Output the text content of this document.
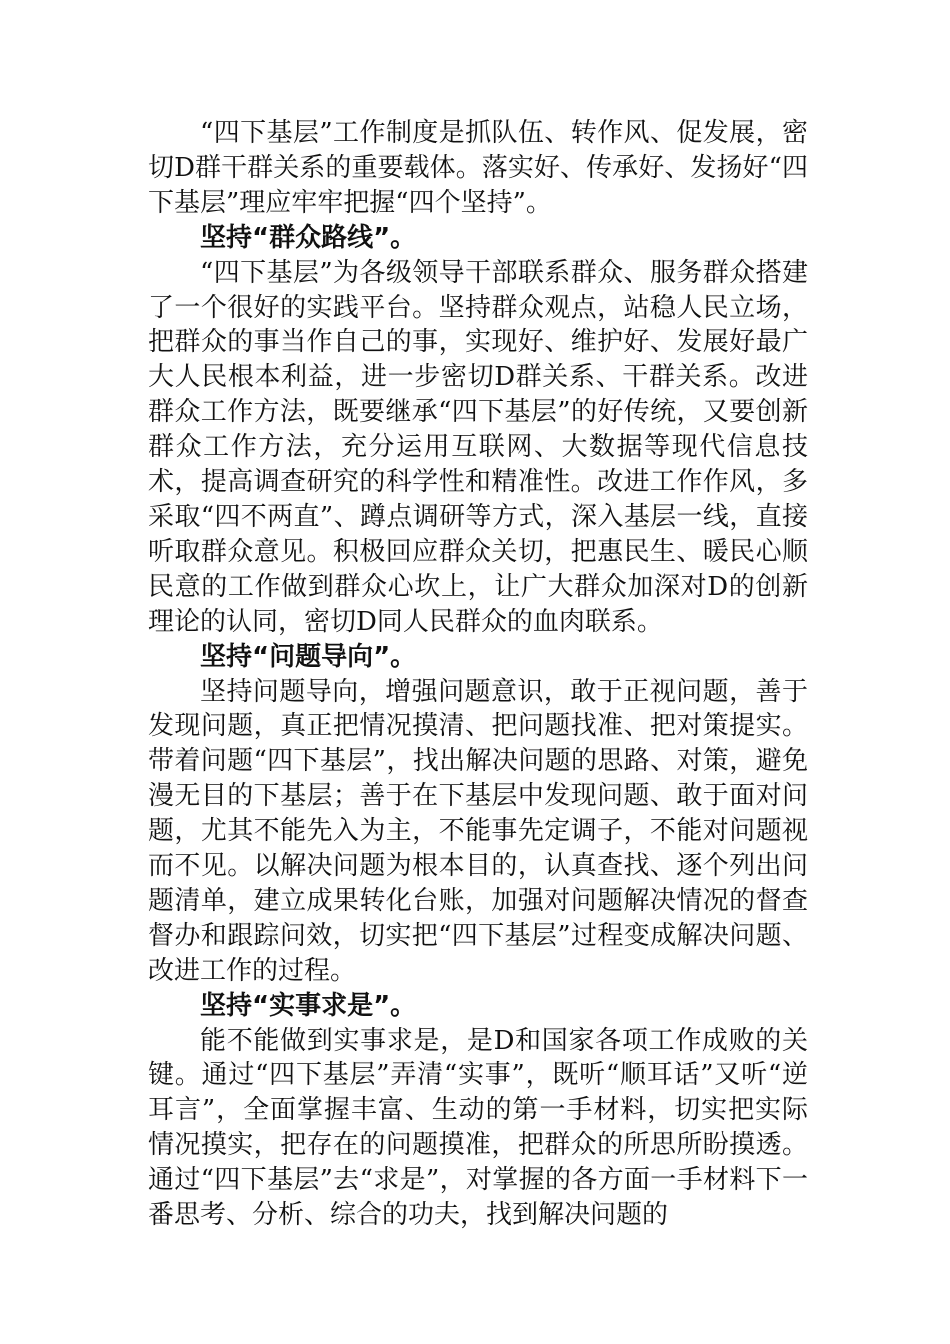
“四下基层”工作制度是抓队伍、转作风、促发展，密切D群干群关系的重要载体。落实好、传承好、发扬好“四下基层”理应牢牢把握“四个坚持”。

坚持“群众路线”。

“四下基层”为各级领导干部联系群众、服务群众搭建了一个很好的实践平台。坚持群众观点，站稳人民立场，把群众的事当作自己的事，实现好、维护好、发展好最广大人民根本利益，进一步密切D群关系、干群关系。改进群众工作方法，既要继承“四下基层”的好传统，又要创新群众工作方法，充分运用互联网、大数据等现代信息技术，提高调查研究的科学性和精准性。改进工作作风，多采取“四不两直”、蹲点调研等方式，深入基层一线，直接听取群众意见。积极回应群众关切，把惠民生、暖民心顺民意的工作做到群众心坎上，让广大群众加深对D的创新理论的认同，密切D同人民群众的血肉联系。

坚持“问题导向”。

坚持问题导向，增强问题意识，敢于正视问题，善于发现问题，真正把情况摸清、把问题找准、把对策提实。带着问题“四下基层”，找出解决问题的思路、对策，避免漫无目的下基层；善于在下基层中发现问题、敢于面对问题，尤其不能先入为主，不能事先定调子，不能对问题视而不见。以解决问题为根本目的，认真查找、逐个列出问题清单，建立成果转化台账，加强对问题解决情况的督查督办和跟踪问效，切实把“四下基层”过程变成解决问题、改进工作的过程。

坚持“实事求是”。

能不能做到实事求是，是D和国家各项工作成败的关键。通过“四下基层”弄清“实事”，既听“顺耳话”又听“逆耳言”，全面掌握丰富、生动的第一手材料，切实把实际情况摸实，把存在的问题摸准，把群众的所思所盼摸透。通过“四下基层”去“求是”，对掌握的各方面一手材料下一番思考、分析、综合的功夫，找到解决问题的
